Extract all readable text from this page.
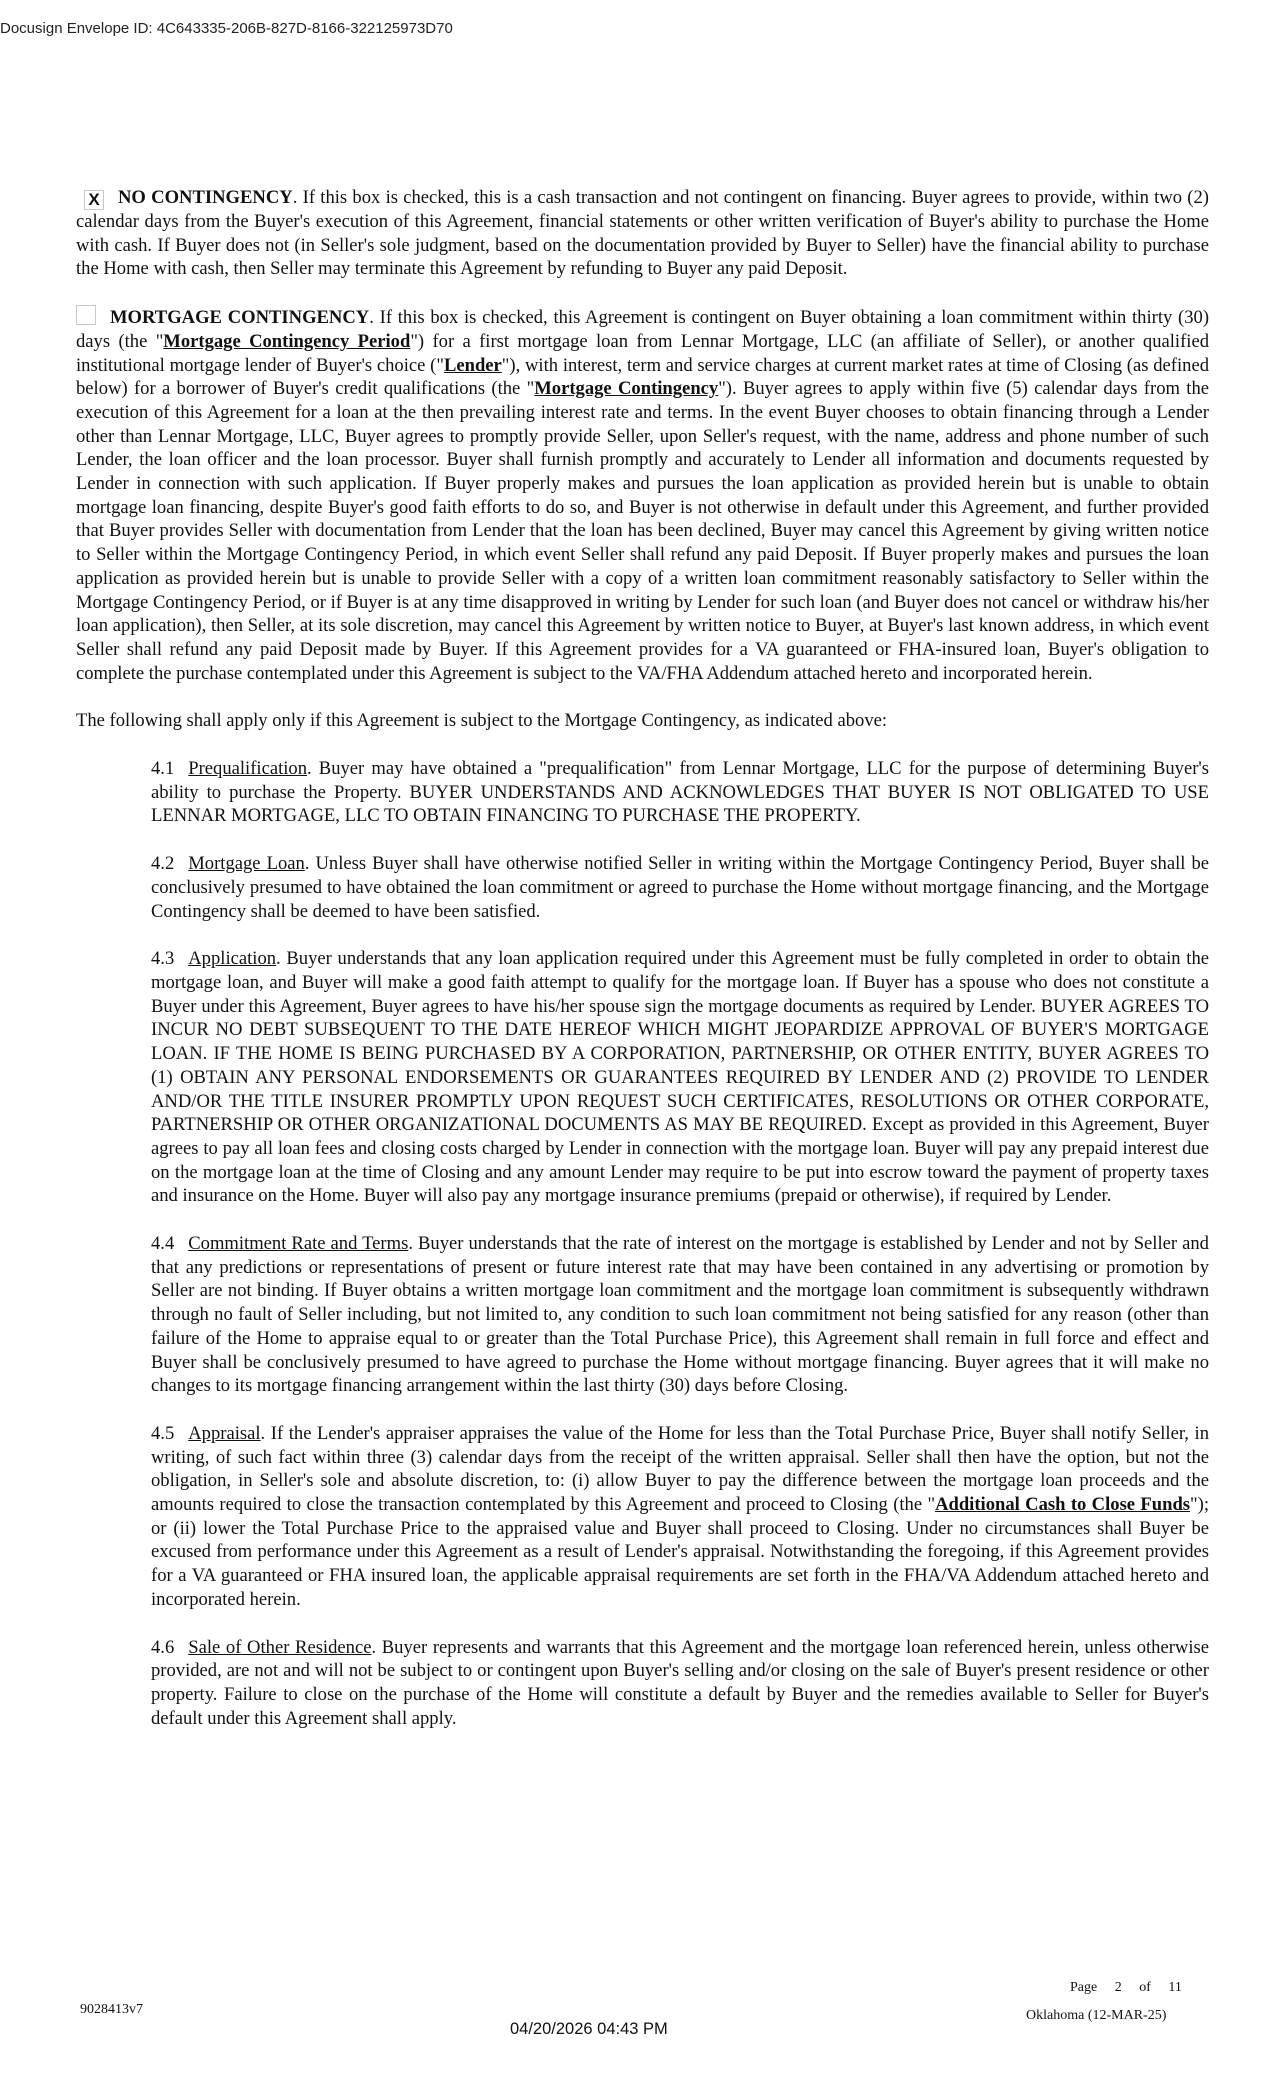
Docusign Envelope ID: 4C643335-206B-827D-8166-322125973D70

X NO CONTINGENCY. If this box is checked, this is a cash transaction and not contingent on financing. Buyer agrees to provide, within two (2) calendar days from the Buyer's execution of this Agreement, financial statements or other written verification of Buyer's ability to purchase the Home with cash. If Buyer does not (in Seller's sole judgment, based on the documentation provided by Buyer to Seller) have the financial ability to purchase the Home with cash, then Seller may terminate this Agreement by refunding to Buyer any paid Deposit.

MORTGAGE CONTINGENCY. If this box is checked, this Agreement is contingent on Buyer obtaining a loan commitment within thirty (30) days (the "Mortgage Contingency Period") for a first mortgage loan from Lennar Mortgage, LLC (an affiliate of Seller), or another qualified institutional mortgage lender of Buyer's choice ("Lender"), with interest, term and service charges at current market rates at time of Closing (as defined below) for a borrower of Buyer's credit qualifications (the "Mortgage Contingency"). Buyer agrees to apply within five (5) calendar days from the execution of this Agreement for a loan at the then prevailing interest rate and terms. In the event Buyer chooses to obtain financing through a Lender other than Lennar Mortgage, LLC, Buyer agrees to promptly provide Seller, upon Seller's request, with the name, address and phone number of such Lender, the loan officer and the loan processor. Buyer shall furnish promptly and accurately to Lender all information and documents requested by Lender in connection with such application. If Buyer properly makes and pursues the loan application as provided herein but is unable to obtain mortgage loan financing, despite Buyer's good faith efforts to do so, and Buyer is not otherwise in default under this Agreement, and further provided that Buyer provides Seller with documentation from Lender that the loan has been declined, Buyer may cancel this Agreement by giving written notice to Seller within the Mortgage Contingency Period, in which event Seller shall refund any paid Deposit. If Buyer properly makes and pursues the loan application as provided herein but is unable to provide Seller with a copy of a written loan commitment reasonably satisfactory to Seller within the Mortgage Contingency Period, or if Buyer is at any time disapproved in writing by Lender for such loan (and Buyer does not cancel or withdraw his/her loan application), then Seller, at its sole discretion, may cancel this Agreement by written notice to Buyer, at Buyer's last known address, in which event Seller shall refund any paid Deposit made by Buyer. If this Agreement provides for a VA guaranteed or FHA-insured loan, Buyer's obligation to complete the purchase contemplated under this Agreement is subject to the VA/FHA Addendum attached hereto and incorporated herein.

The following shall apply only if this Agreement is subject to the Mortgage Contingency, as indicated above:

4.1 Prequalification. Buyer may have obtained a "prequalification" from Lennar Mortgage, LLC for the purpose of determining Buyer's ability to purchase the Property. BUYER UNDERSTANDS AND ACKNOWLEDGES THAT BUYER IS NOT OBLIGATED TO USE LENNAR MORTGAGE, LLC TO OBTAIN FINANCING TO PURCHASE THE PROPERTY.

4.2 Mortgage Loan. Unless Buyer shall have otherwise notified Seller in writing within the Mortgage Contingency Period, Buyer shall be conclusively presumed to have obtained the loan commitment or agreed to purchase the Home without mortgage financing, and the Mortgage Contingency shall be deemed to have been satisfied.

4.3 Application. Buyer understands that any loan application required under this Agreement must be fully completed in order to obtain the mortgage loan, and Buyer will make a good faith attempt to qualify for the mortgage loan. If Buyer has a spouse who does not constitute a Buyer under this Agreement, Buyer agrees to have his/her spouse sign the mortgage documents as required by Lender. BUYER AGREES TO INCUR NO DEBT SUBSEQUENT TO THE DATE HEREOF WHICH MIGHT JEOPARDIZE APPROVAL OF BUYER'S MORTGAGE LOAN. IF THE HOME IS BEING PURCHASED BY A CORPORATION, PARTNERSHIP, OR OTHER ENTITY, BUYER AGREES TO (1) OBTAIN ANY PERSONAL ENDORSEMENTS OR GUARANTEES REQUIRED BY LENDER AND (2) PROVIDE TO LENDER AND/OR THE TITLE INSURER PROMPTLY UPON REQUEST SUCH CERTIFICATES, RESOLUTIONS OR OTHER CORPORATE, PARTNERSHIP OR OTHER ORGANIZATIONAL DOCUMENTS AS MAY BE REQUIRED. Except as provided in this Agreement, Buyer agrees to pay all loan fees and closing costs charged by Lender in connection with the mortgage loan. Buyer will pay any prepaid interest due on the mortgage loan at the time of Closing and any amount Lender may require to be put into escrow toward the payment of property taxes and insurance on the Home. Buyer will also pay any mortgage insurance premiums (prepaid or otherwise), if required by Lender.

4.4 Commitment Rate and Terms. Buyer understands that the rate of interest on the mortgage is established by Lender and not by Seller and that any predictions or representations of present or future interest rate that may have been contained in any advertising or promotion by Seller are not binding. If Buyer obtains a written mortgage loan commitment and the mortgage loan commitment is subsequently withdrawn through no fault of Seller including, but not limited to, any condition to such loan commitment not being satisfied for any reason (other than failure of the Home to appraise equal to or greater than the Total Purchase Price), this Agreement shall remain in full force and effect and Buyer shall be conclusively presumed to have agreed to purchase the Home without mortgage financing. Buyer agrees that it will make no changes to its mortgage financing arrangement within the last thirty (30) days before Closing.

4.5 Appraisal. If the Lender's appraiser appraises the value of the Home for less than the Total Purchase Price, Buyer shall notify Seller, in writing, of such fact within three (3) calendar days from the receipt of the written appraisal. Seller shall then have the option, but not the obligation, in Seller's sole and absolute discretion, to: (i) allow Buyer to pay the difference between the mortgage loan proceeds and the amounts required to close the transaction contemplated by this Agreement and proceed to Closing (the "Additional Cash to Close Funds"); or (ii) lower the Total Purchase Price to the appraised value and Buyer shall proceed to Closing. Under no circumstances shall Buyer be excused from performance under this Agreement as a result of Lender's appraisal. Notwithstanding the foregoing, if this Agreement provides for a VA guaranteed or FHA insured loan, the applicable appraisal requirements are set forth in the FHA/VA Addendum attached hereto and incorporated herein.

4.6 Sale of Other Residence. Buyer represents and warrants that this Agreement and the mortgage loan referenced herein, unless otherwise provided, are not and will not be subject to or contingent upon Buyer's selling and/or closing on the sale of Buyer's present residence or other property. Failure to close on the purchase of the Home will constitute a default by Buyer and the remedies available to Seller for Buyer's default under this Agreement shall apply.

Page 2 of 11
9028413v7	Oklahoma (12-MAR-25)
04/20/2026 04:43 PM
